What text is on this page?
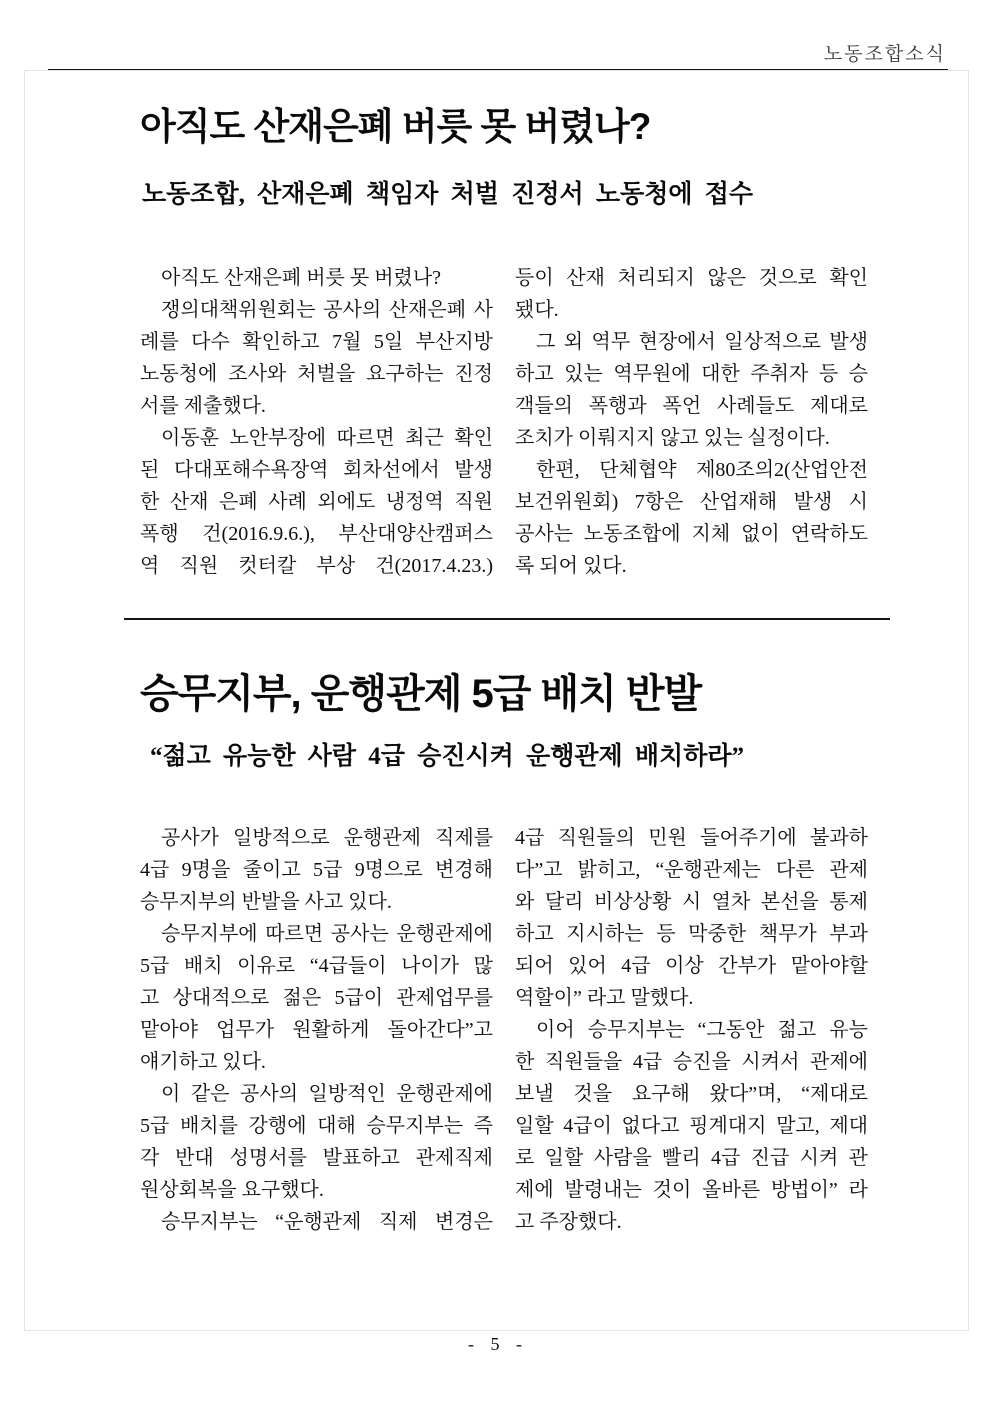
노동조합소식
아직도 산재은폐 버릇 못 버렸나?
노동조합, 산재은폐 책임자 처벌 진정서 노동청에 접수
아직도 산재은폐 버릇 못 버렸나?
쟁의대책위원회는 공사의 산재은폐 사
례를 다수 확인하고 7월 5일 부산지방
노동청에 조사와 처벌을 요구하는 진정
서를 제출했다.
이동훈 노안부장에 따르면 최근 확인
된 다대포해수욕장역 회차선에서 발생
한 산재 은폐 사례 외에도 냉정역 직원
폭행 건(2016.9.6.), 부산대양산캠퍼스
역 직원 컷터칼 부상 건(2017.4.23.)
등이 산재 처리되지 않은 것으로 확인
됐다.
그 외 역무 현장에서 일상적으로 발생
하고 있는 역무원에 대한 주취자 등 승
객들의 폭행과 폭언 사례들도 제대로
조치가 이뤄지지 않고 있는 실정이다.
한편, 단체협약 제80조의2(산업안전
보건위원회) 7항은 산업재해 발생 시
공사는 노동조합에 지체 없이 연락하도
록 되어 있다.
승무지부, 운행관제 5급 배치 반발
“젊고 유능한 사람 4급 승진시켜 운행관제 배치하라”
공사가 일방적으로 운행관제 직제를
4급 9명을 줄이고 5급 9명으로 변경해
승무지부의 반발을 사고 있다.
승무지부에 따르면 공사는 운행관제에
5급 배치 이유로 “4급들이 나이가 많
고 상대적으로 젊은 5급이 관제업무를
맡아야 업무가 원활하게 돌아간다”고
얘기하고 있다.
이 같은 공사의 일방적인 운행관제에
5급 배치를 강행에 대해 승무지부는 즉
각 반대 성명서를 발표하고 관제직제
원상회복을 요구했다.
승무지부는 “운행관제 직제 변경은
4급 직원들의 민원 들어주기에 불과하
다”고 밝히고, “운행관제는 다른 관제
와 달리 비상상황 시 열차 본선을 통제
하고 지시하는 등 막중한 책무가 부과
되어 있어 4급 이상 간부가 맡아야할
역할이” 라고 말했다.
이어 승무지부는 “그동안 젊고 유능
한 직원들을 4급 승진을 시켜서 관제에
보낼 것을 요구해 왔다”며, “제대로
일할 4급이 없다고 핑계대지 말고, 제대
로 일할 사람을 빨리 4급 진급 시켜 관
제에 발령내는 것이 올바른 방법이” 라
고 주장했다.
- 5 -
